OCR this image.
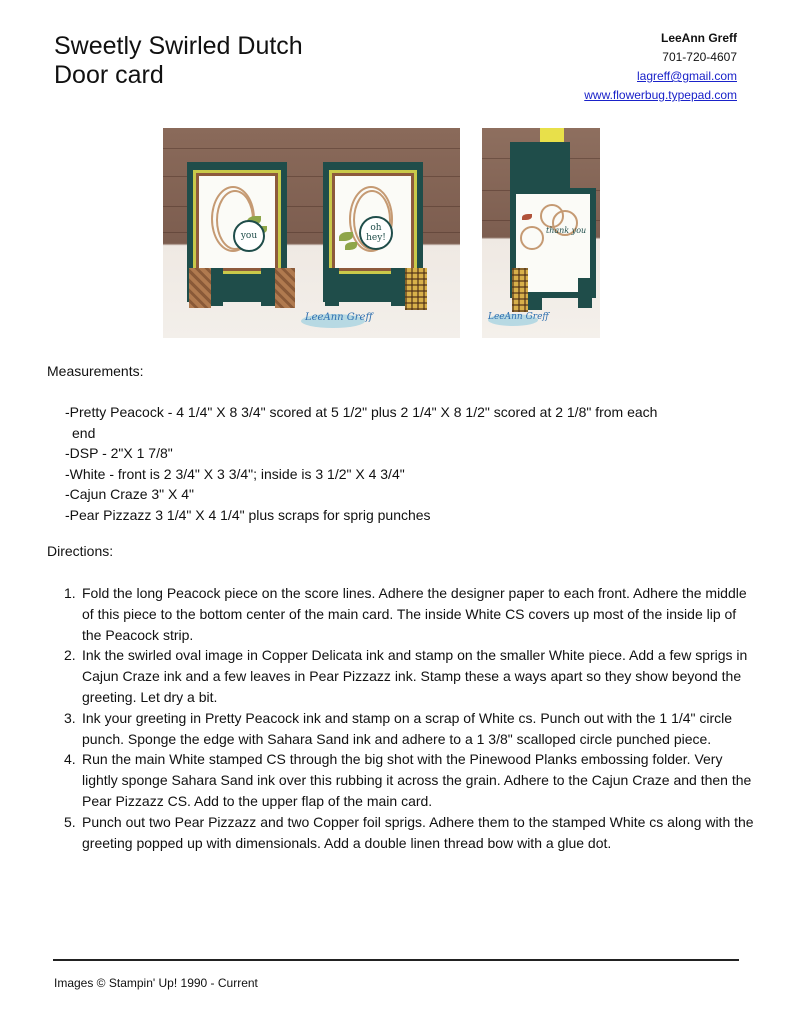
Sweetly Swirled Dutch
Door card
LeeAnn Greff
701-720-4607
lagreff@gmail.com
www.flowerbug.typepad.com
you
oh hey!
LeeAnn Greff
thank you
LeeAnn Greff
Measurements:
-Pretty Peacock - 4 1/4" X 8 3/4" scored at 5 1/2" plus 2 1/4" X 8 1/2" scored at 2 1/8" from each
end
-DSP - 2"X 1 7/8"
-White - front is 2 3/4" X 3 3/4"; inside is 3 1/2" X 4 3/4"
-Cajun Craze 3" X 4"
-Pear Pizzazz 3 1/4" X 4 1/4" plus scraps for sprig punches
Directions:
1. Fold the long Peacock piece on the score lines. Adhere the designer paper to each front. Adhere the middle of this piece to the bottom center of the main card. The inside White CS covers up most of the inside lip of the Peacock strip.
2. Ink the swirled oval image in Copper Delicata ink and stamp on the smaller White piece. Add a few sprigs in Cajun Craze ink and a few leaves in Pear Pizzazz ink. Stamp these a ways apart so they show beyond the greeting. Let dry a bit.
3. Ink your greeting in Pretty Peacock ink and stamp on a scrap of White cs. Punch out with the 1 1/4" circle punch. Sponge the edge with Sahara Sand ink and adhere to a 1 3/8" scalloped circle punched piece.
4. Run the main White stamped CS through the big shot with the Pinewood Planks embossing folder. Very lightly sponge Sahara Sand ink over this rubbing it across the grain. Adhere to the Cajun Craze and then the Pear Pizzazz CS. Add to the upper flap of the main card.
5. Punch out two Pear Pizzazz and two Copper foil sprigs. Adhere them to the stamped White cs along with the greeting popped up with dimensionals. Add a double linen thread bow with a glue dot.
Images © Stampin' Up! 1990 - Current
